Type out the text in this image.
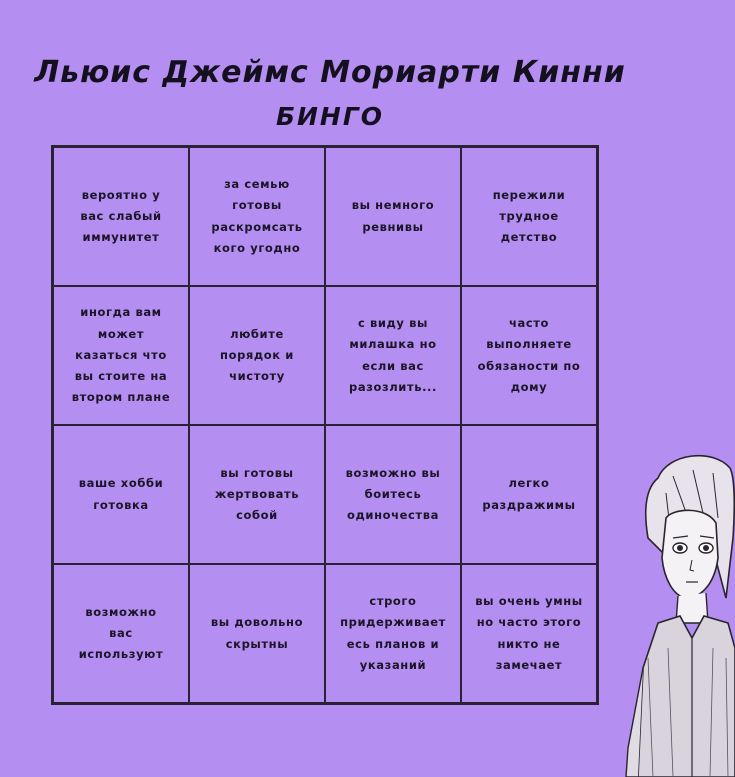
Льюис Джеймс Мориарти Кинни
БИНГО
вероятно у
вас слабый
иммунитет
за семью
готовы
раскромсать
кого угодно
вы немного
ревнивы
пережили
трудное
детство
иногда вам
может
казаться что
вы стоите на
втором плане
любите
порядок и
чистоту
с виду вы
милашка но
если вас
разозлить...
часто
выполняете
обязаности по
дому
ваше хобби
готовка
вы готовы
жертвовать
собой
возможно вы
боитесь
одиночества
легко
раздражимы
возможно
вас
используют
вы довольно
скрытны
строго
придерживает
есь планов и
указаний
вы очень умны
но часто этого
никто не
замечает
